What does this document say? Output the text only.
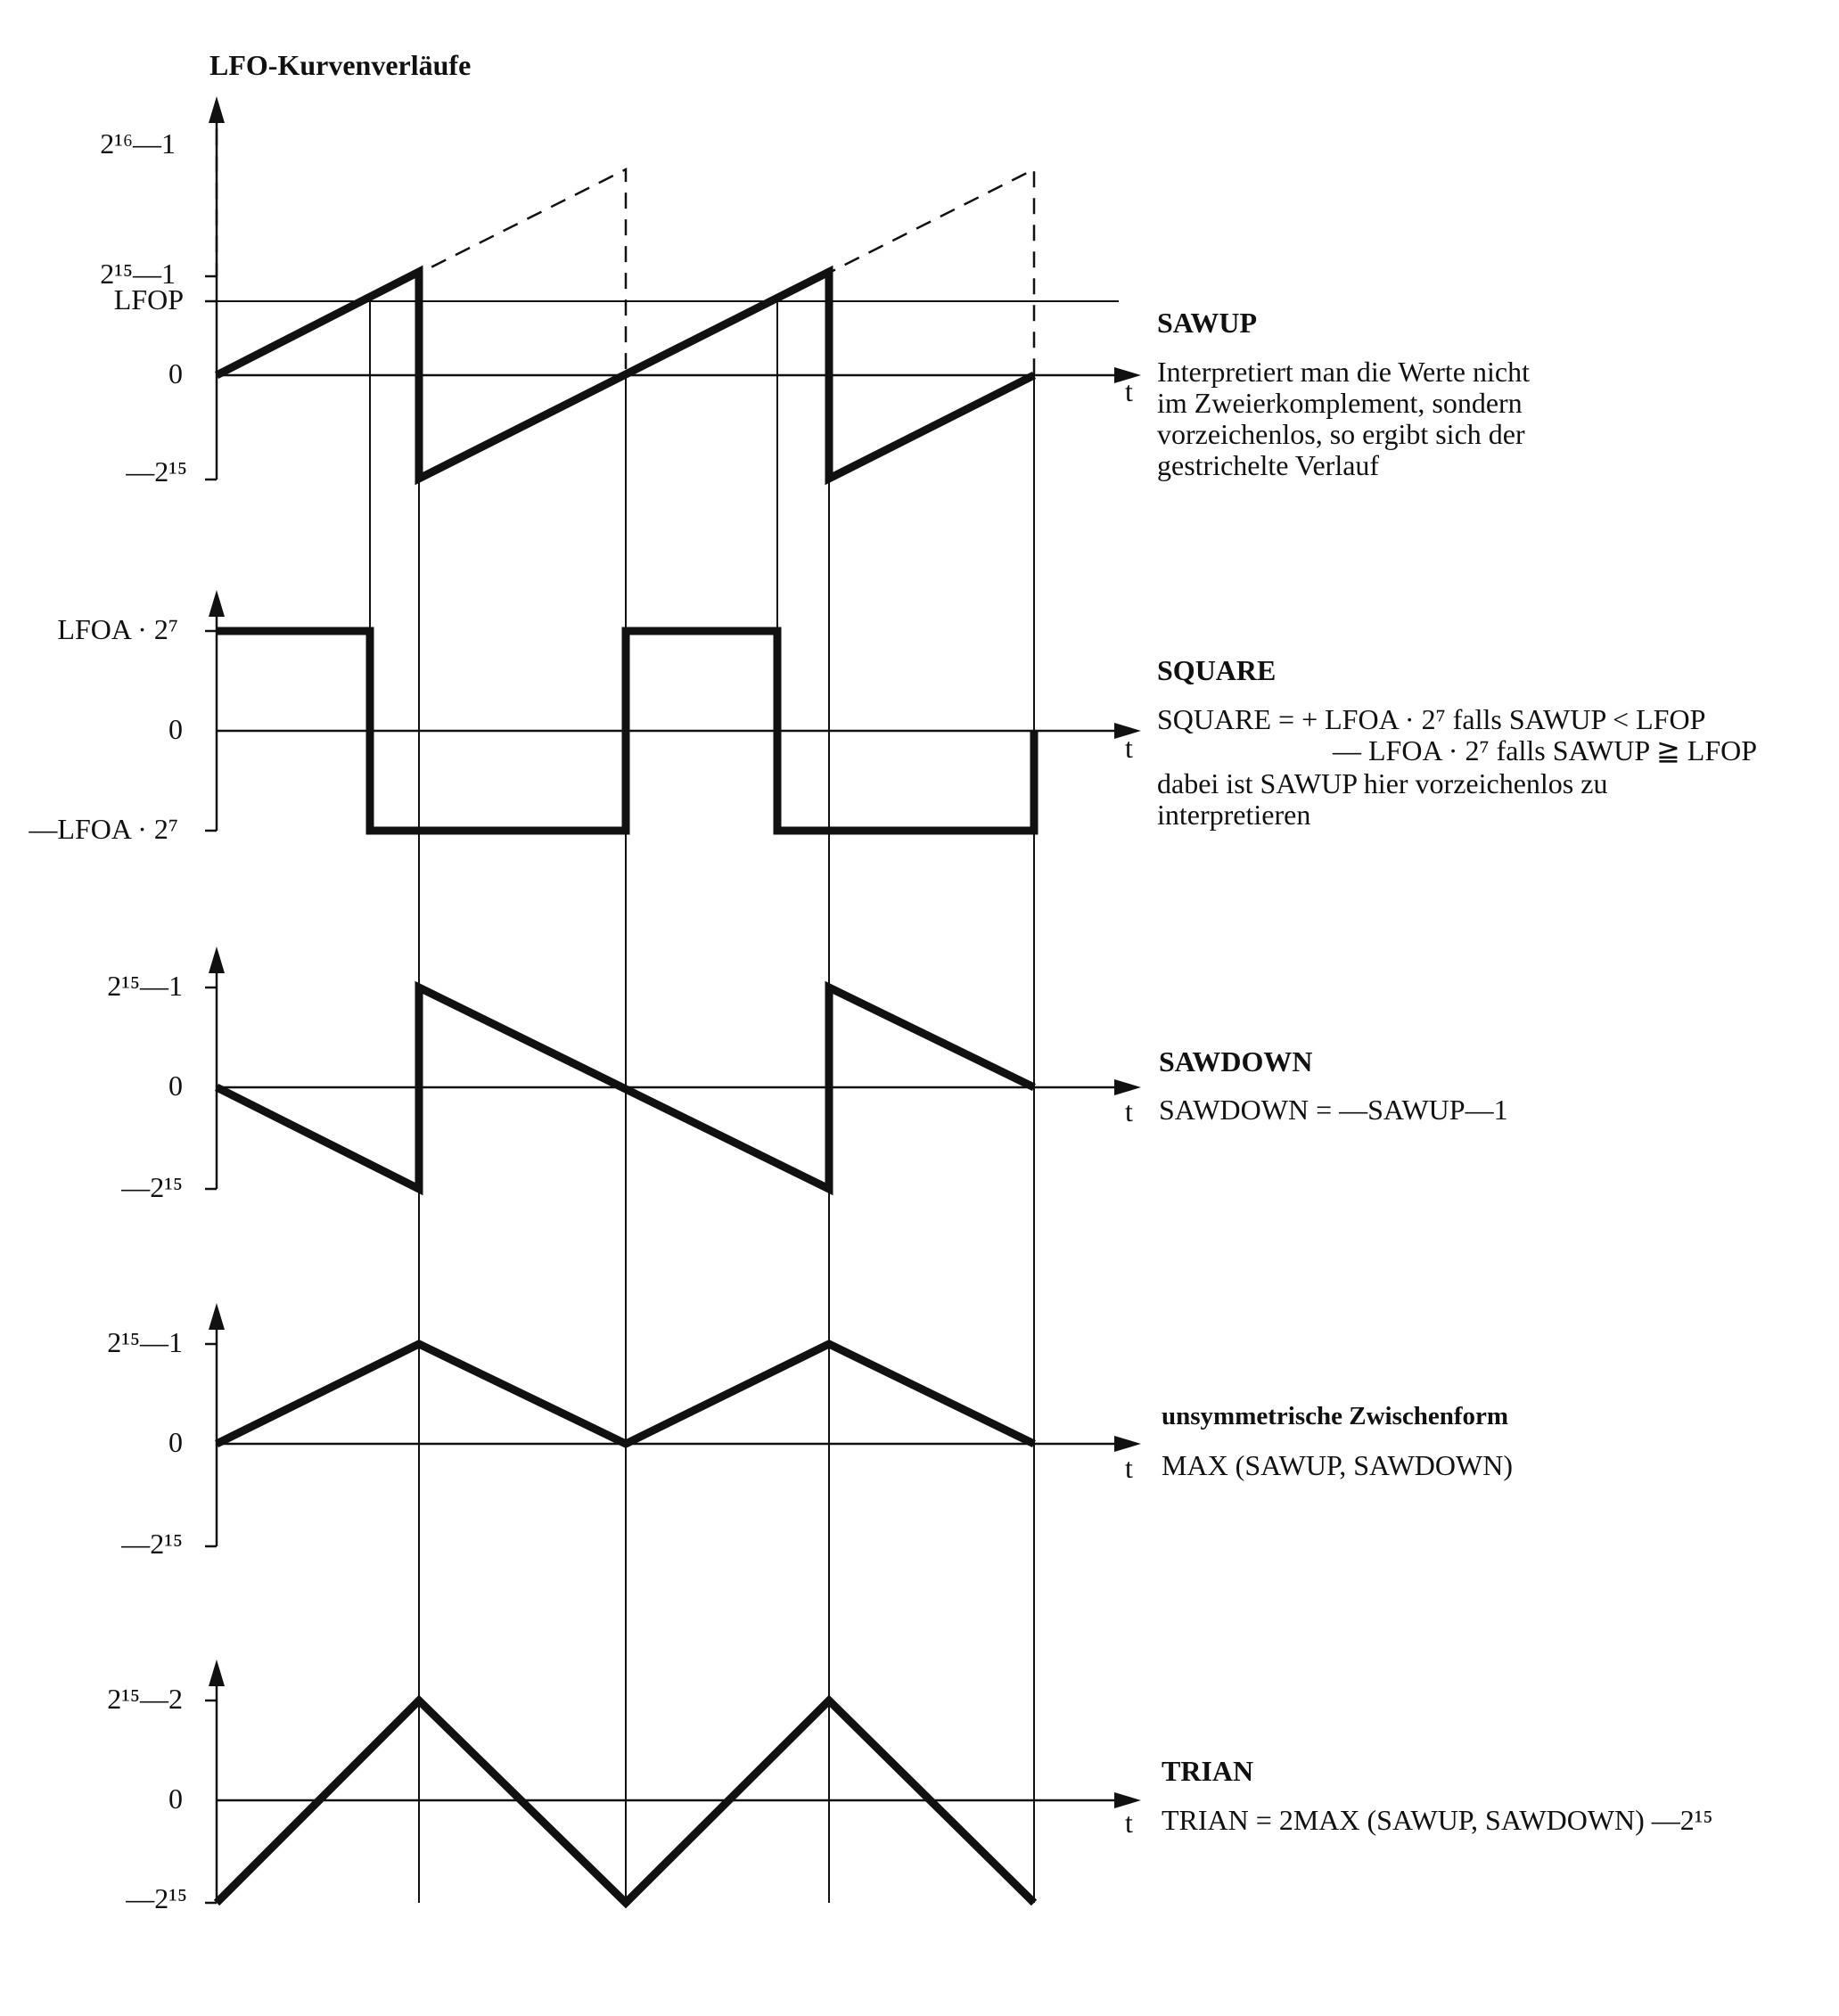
LFO-Kurvenverläufe
2¹⁶—1
2¹⁵—1
LFOP
0
—2¹⁵
t
SAWUP
Interpretiert man die Werte nicht
im Zweierkomplement, sondern
vorzeichenlos, so ergibt sich der
gestrichelte Verlauf
LFOA · 2⁷
0
—LFOA · 2⁷
t
SQUARE
SQUARE = + LFOA · 2⁷ falls SAWUP < LFOP
— LFOA · 2⁷ falls SAWUP ≧ LFOP
dabei ist SAWUP hier vorzeichenlos zu
interpretieren
2¹⁵—1
0
—2¹⁵
t
SAWDOWN
SAWDOWN = —SAWUP—1
2¹⁵—1
0
—2¹⁵
t
unsymmetrische Zwischenform
MAX (SAWUP, SAWDOWN)
2¹⁵—2
0
—2¹⁵
t
TRIAN
TRIAN = 2MAX (SAWUP, SAWDOWN) —2¹⁵
